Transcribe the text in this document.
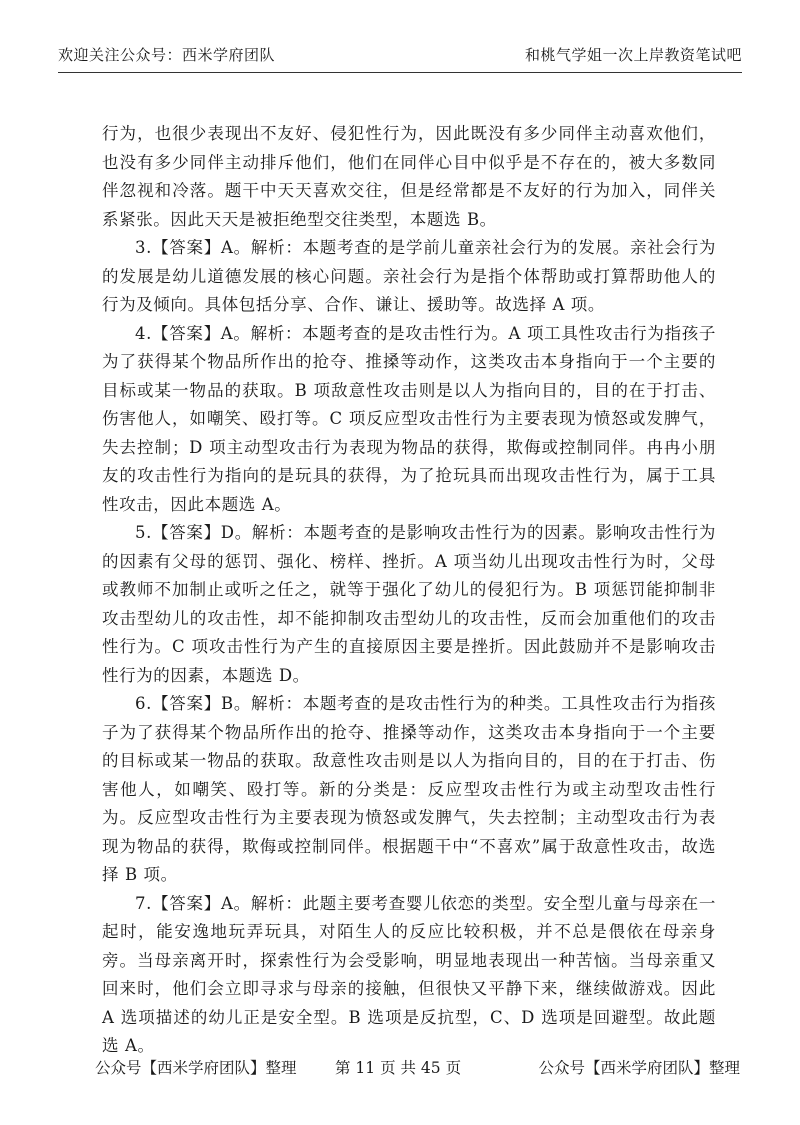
欢迎关注公众号：西米学府团队	和桃气学姐一次上岸教资笔试吧

行为，也很少表现出不友好、侵犯性行为，因此既没有多少同伴主动喜欢他们，也没有多少同伴主动排斥他们，他们在同伴心目中似乎是不存在的，被大多数同伴忽视和冷落。题干中天天喜欢交往，但是经常都是不友好的行为加入，同伴关系紧张。因此天天是被拒绝型交往类型，本题选 B。

3.【答案】A。解析：本题考查的是学前儿童亲社会行为的发展。亲社会行为的发展是幼儿道德发展的核心问题。亲社会行为是指个体帮助或打算帮助他人的行为及倾向。具体包括分享、合作、谦让、援助等。故选择 A 项。

4.【答案】A。解析：本题考查的是攻击性行为。A 项工具性攻击行为指孩子为了获得某个物品所作出的抢夺、推搡等动作，这类攻击本身指向于一个主要的目标或某一物品的获取。B 项敌意性攻击则是以人为指向目的，目的在于打击、伤害他人，如嘲笑、殴打等。C 项反应型攻击性行为主要表现为愤怒或发脾气，失去控制；D 项主动型攻击行为表现为物品的获得，欺侮或控制同伴。冉冉小朋友的攻击性行为指向的是玩具的获得，为了抢玩具而出现攻击性行为，属于工具性攻击，因此本题选 A。

5.【答案】D。解析：本题考查的是影响攻击性行为的因素。影响攻击性行为的因素有父母的惩罚、强化、榜样、挫折。A 项当幼儿出现攻击性行为时，父母或教师不加制止或听之任之，就等于强化了幼儿的侵犯行为。B 项惩罚能抑制非攻击型幼儿的攻击性，却不能抑制攻击型幼儿的攻击性，反而会加重他们的攻击性行为。C 项攻击性行为产生的直接原因主要是挫折。因此鼓励并不是影响攻击性行为的因素，本题选 D。

6.【答案】B。解析：本题考查的是攻击性行为的种类。工具性攻击行为指孩子为了获得某个物品所作出的抢夺、推搡等动作，这类攻击本身指向于一个主要的目标或某一物品的获取。敌意性攻击则是以人为指向目的，目的在于打击、伤害他人，如嘲笑、殴打等。新的分类是：反应型攻击性行为或主动型攻击性行为。反应型攻击性行为主要表现为愤怒或发脾气，失去控制；主动型攻击行为表现为物品的获得，欺侮或控制同伴。根据题干中“不喜欢”属于敌意性攻击，故选择 B 项。

7.【答案】A。解析：此题主要考查婴儿依恋的类型。安全型儿童与母亲在一起时，能安逸地玩弄玩具，对陌生人的反应比较积极，并不总是偎依在母亲身旁。当母亲离开时，探索性行为会受影响，明显地表现出一种苦恼。当母亲重又回来时，他们会立即寻求与母亲的接触，但很快又平静下来，继续做游戏。因此 A 选项描述的幼儿正是安全型。B 选项是反抗型，C、D 选项是回避型。故此题选 A。

公众号【西米学府团队】整理 第 11 页 共 45 页	公众号【西米学府团队】整理
